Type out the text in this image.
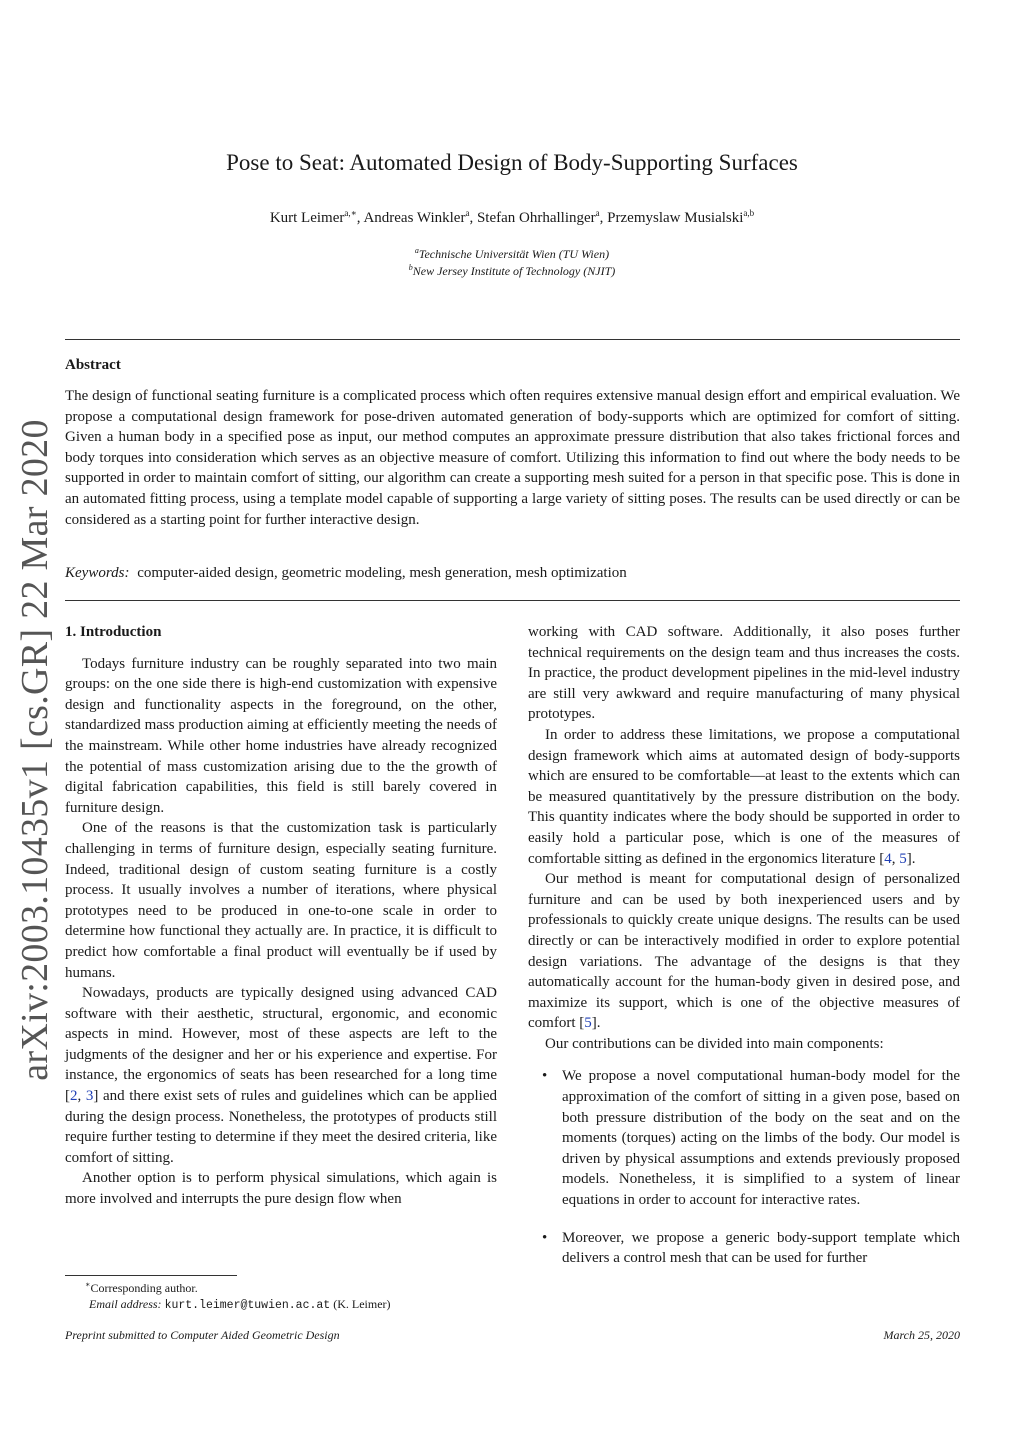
arXiv:2003.10435v1 [cs.GR] 22 Mar 2020
Pose to Seat: Automated Design of Body-Supporting Surfaces
Kurt Leimer$^{a,∗}$, Andreas Winkler$^a$, Stefan Ohrhallinger$^a$, Przemyslaw Musialski$^{a,b}$
$^a$Technische Universität Wien (TU Wien)
$^b$New Jersey Institute of Technology (NJIT)
Abstract

The design of functional seating furniture is a complicated process which often requires extensive manual design effort and empirical evaluation. We propose a computational design framework for pose-driven automated generation of body-supports which are optimized for comfort of sitting. Given a human body in a specified pose as input, our method computes an approximate pressure distribution that also takes frictional forces and body torques into consideration which serves as an objective measure of comfort. Utilizing this information to find out where the body needs to be supported in order to maintain comfort of sitting, our algorithm can create a supporting mesh suited for a person in that specific pose. This is done in an automated fitting process, using a template model capable of supporting a large variety of sitting poses. The results can be used directly or can be considered as a starting point for further interactive design.

Keywords: computer-aided design, geometric modeling, mesh generation, mesh optimization
1. Introduction

Todays furniture industry can be roughly separated into two main groups: on the one side there is high-end customization with expensive design and functionality aspects in the foreground, on the other, standardized mass production aiming at efficiently meeting the needs of the mainstream. While other home industries have already recognized the potential of mass customization arising due to the the growth of digital fabrication capabilities, this field is still barely covered in furniture design.

One of the reasons is that the customization task is particularly challenging in terms of furniture design, especially seating furniture. Indeed, traditional design of custom seating furniture is a costly process. It usually involves a number of iterations, where physical prototypes need to be produced in one-to-one scale in order to determine how functional they actually are. In practice, it is difficult to predict how comfortable a final product will eventually be if used by humans.

Nowadays, products are typically designed using advanced CAD software with their aesthetic, structural, ergonomic, and economic aspects in mind. However, most of these aspects are left to the judgments of the designer and her or his experience and expertise. For instance, the ergonomics of seats has been researched for a long time [2, 3] and there exist sets of rules and guidelines which can be applied during the design process. Nonetheless, the prototypes of products still require further testing to determine if they meet the desired criteria, like comfort of sitting.

Another option is to perform physical simulations, which again is more involved and interrupts the pure design flow when

working with CAD software. Additionally, it also poses further technical requirements on the design team and thus increases the costs. In practice, the product development pipelines in the mid-level industry are still very awkward and require manufacturing of many physical prototypes.

In order to address these limitations, we propose a computational design framework which aims at automated design of body-supports which are ensured to be comfortable—at least to the extents which can be measured quantitatively by the pressure distribution on the body. This quantity indicates where the body should be supported in order to easily hold a particular pose, which is one of the measures of comfortable sitting as defined in the ergonomics literature [4, 5].

Our method is meant for computational design of personalized furniture and can be used by both inexperienced users and by professionals to quickly create unique designs. The results can be used directly or can be interactively modified in order to explore potential design variations. The advantage of the designs is that they automatically account for the human-body given in desired pose, and maximize its support, which is one of the objective measures of comfort [5].

Our contributions can be divided into main components:

• We propose a novel computational human-body model for the approximation of the comfort of sitting in a given pose, based on both pressure distribution of the body on the seat and on the moments (torques) acting on the limbs of the body. Our model is driven by physical assumptions and extends previously proposed models. Nonetheless, it is simplified to a system of linear equations in order to account for interactive rates.
• Moreover, we propose a generic body-support template which delivers a control mesh that can be used for further
∗Corresponding author.
Email address: kurt.leimer@tuwien.ac.at (K. Leimer)
Preprint submitted to Computer Aided Geometric Design	March 25, 2020
